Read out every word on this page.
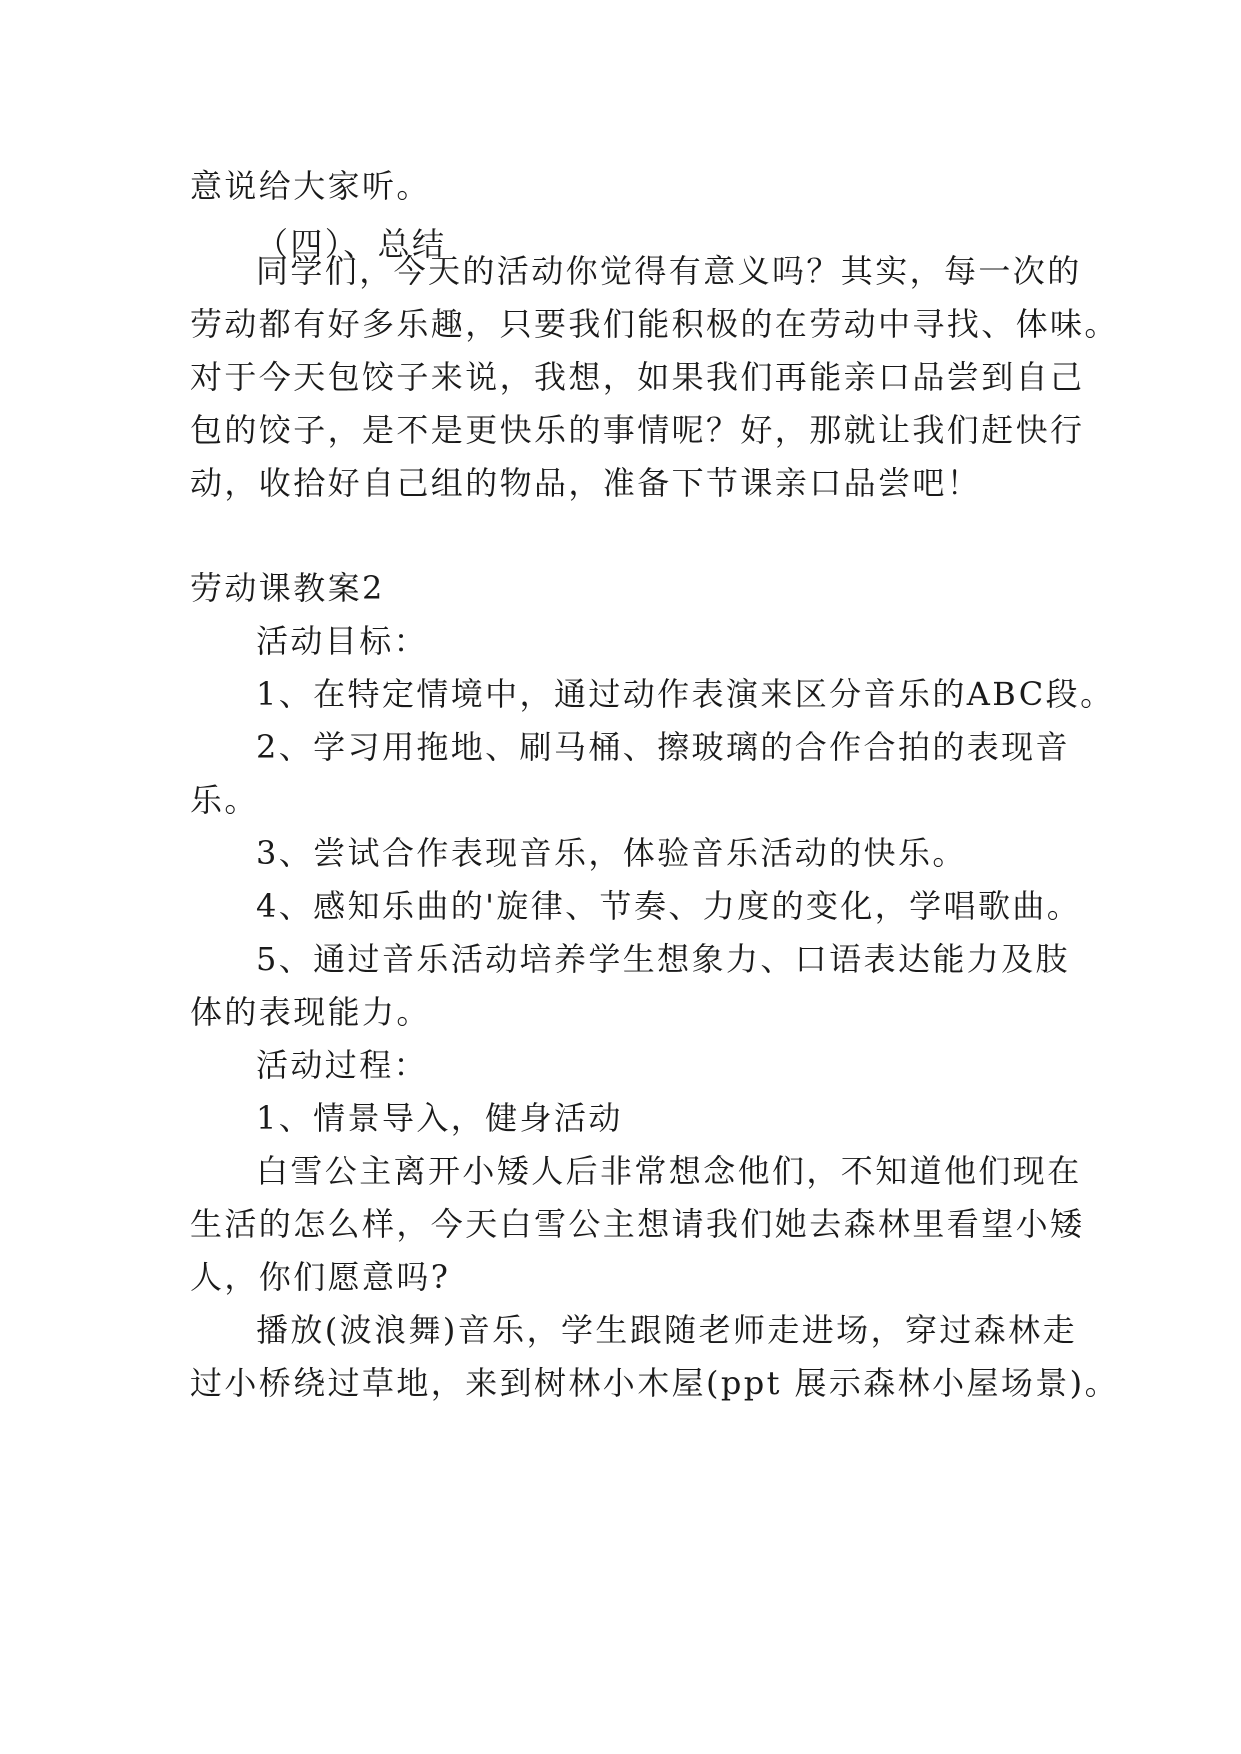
意说给大家听。
（四）、总结
同学们，今天的活动你觉得有意义吗？其实，每一次的
劳动都有好多乐趣，只要我们能积极的在劳动中寻找、体味。
对于今天包饺子来说，我想，如果我们再能亲口品尝到自己
包的饺子，是不是更快乐的事情呢？好，那就让我们赶快行
动，收拾好自己组的物品，准备下节课亲口品尝吧！
劳动课教案2
活动目标：
1、在特定情境中，通过动作表演来区分音乐的ABC段。
2、学习用拖地、刷马桶、擦玻璃的合作合拍的表现音
乐。
3、尝试合作表现音乐，体验音乐活动的快乐。
4、感知乐曲的'旋律、节奏、力度的变化，学唱歌曲。
5、通过音乐活动培养学生想象力、口语表达能力及肢
体的表现能力。
活动过程：
1、情景导入，健身活动
白雪公主离开小矮人后非常想念他们，不知道他们现在
生活的怎么样，今天白雪公主想请我们她去森林里看望小矮
人，你们愿意吗?
播放(波浪舞)音乐，学生跟随老师走进场，穿过森林走
过小桥绕过草地，来到树林小木屋(ppt 展示森林小屋场景)。
